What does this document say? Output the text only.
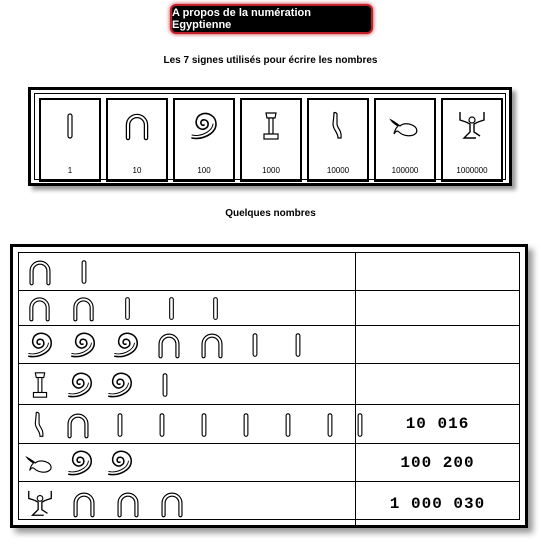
A propos de la numération Egyptienne
Les 7 signes utilisés pour écrire les nombres
1	10	100	1000	10000	100000	1000000
Quelques nombres
10 016
100 200
1 000 030
